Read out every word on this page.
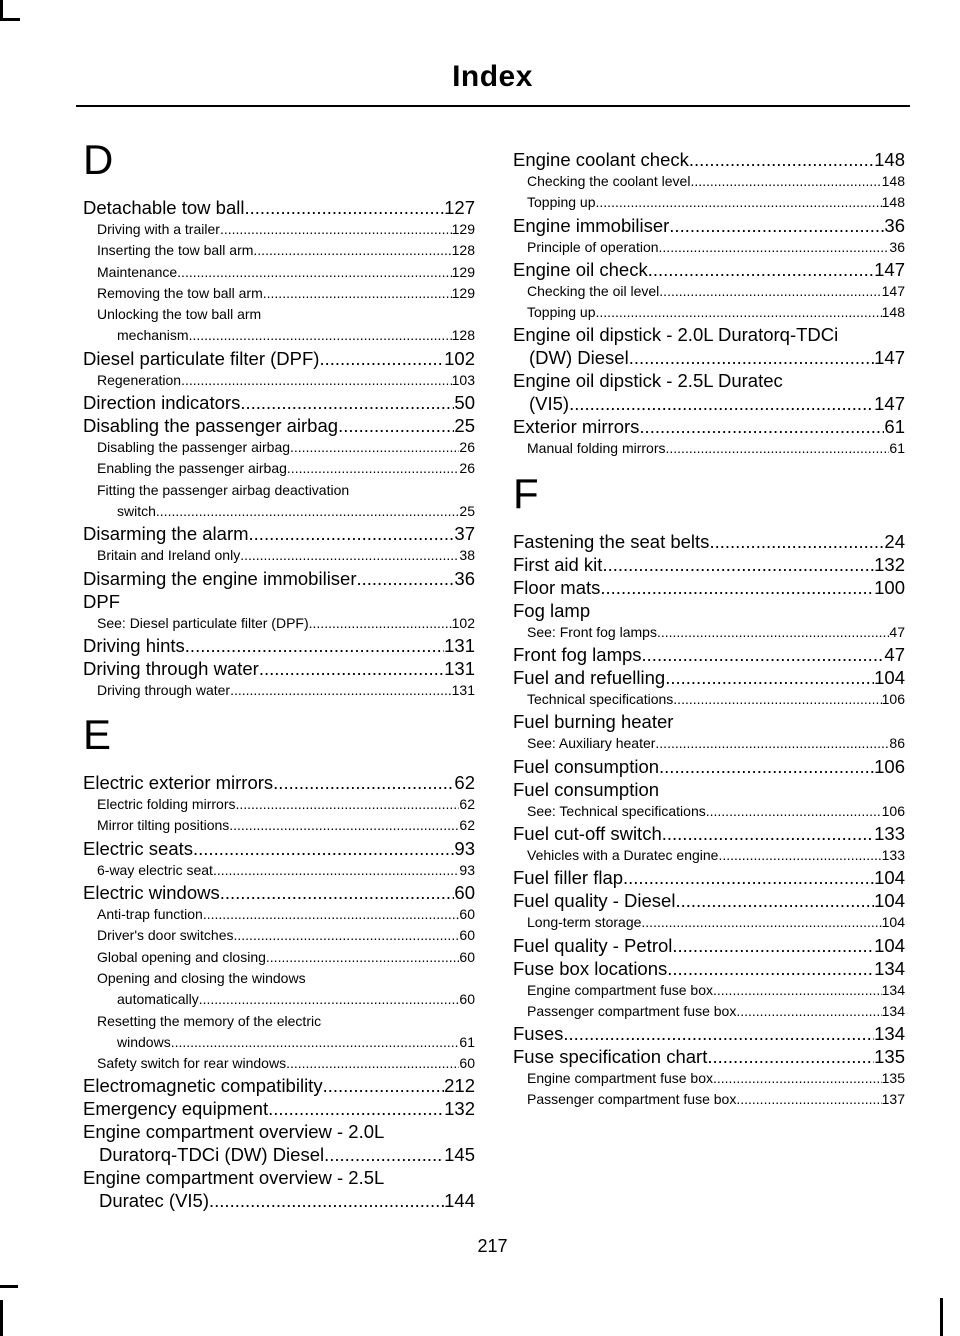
Index
D
Detachable tow ball .....	127
Driving with a trailer .....	129
Inserting the tow ball arm .....	128
Maintenance .....	129
Removing the tow ball arm .....	129
Unlocking the tow ball arm
mechanism .....	128
Diesel particulate filter (DPF) .....	102
Regeneration .....	103
Direction indicators .....	50
Disabling the passenger airbag .....	25
Disabling the passenger airbag .....	26
Enabling the passenger airbag .....	26
Fitting the passenger airbag deactivation
switch .....	25
Disarming the alarm .....	37
Britain and Ireland only .....	38
Disarming the engine immobiliser .....	36
DPF
See: Diesel particulate filter (DPF) .....	102
Driving hints .....	131
Driving through water .....	131
Driving through water .....	131
E
Electric exterior mirrors .....	62
Electric folding mirrors .....	62
Mirror tilting positions .....	62
Electric seats .....	93
6-way electric seat .....	93
Electric windows .....	60
Anti-trap function .....	60
Driver's door switches .....	60
Global opening and closing .....	60
Opening and closing the windows
automatically .....	60
Resetting the memory of the electric
windows .....	61
Safety switch for rear windows .....	60
Electromagnetic compatibility .....	212
Emergency equipment .....	132
Engine compartment overview - 2.0L
Duratorq-TDCi (DW) Diesel .....	145
Engine compartment overview - 2.5L
Duratec (VI5) .....	144
Engine coolant check .....	148
Checking the coolant level .....	148
Topping up .....	148
Engine immobiliser .....	36
Principle of operation .....	36
Engine oil check .....	147
Checking the oil level .....	147
Topping up .....	148
Engine oil dipstick - 2.0L Duratorq-TDCi
(DW) Diesel .....	147
Engine oil dipstick - 2.5L Duratec
(VI5) .....	147
Exterior mirrors .....	61
Manual folding mirrors .....	61
F
Fastening the seat belts .....	24
First aid kit .....	132
Floor mats .....	100
Fog lamp
See: Front fog lamps .....	47
Front fog lamps .....	47
Fuel and refuelling .....	104
Technical specifications .....	106
Fuel burning heater
See: Auxiliary heater .....	86
Fuel consumption .....	106
Fuel consumption
See: Technical specifications .....	106
Fuel cut-off switch .....	133
Vehicles with a Duratec engine .....	133
Fuel filler flap .....	104
Fuel quality - Diesel .....	104
Long-term storage .....	104
Fuel quality - Petrol .....	104
Fuse box locations .....	134
Engine compartment fuse box .....	134
Passenger compartment fuse box .....	134
Fuses .....	134
Fuse specification chart .....	135
Engine compartment fuse box .....	135
Passenger compartment fuse box .....	137
217
